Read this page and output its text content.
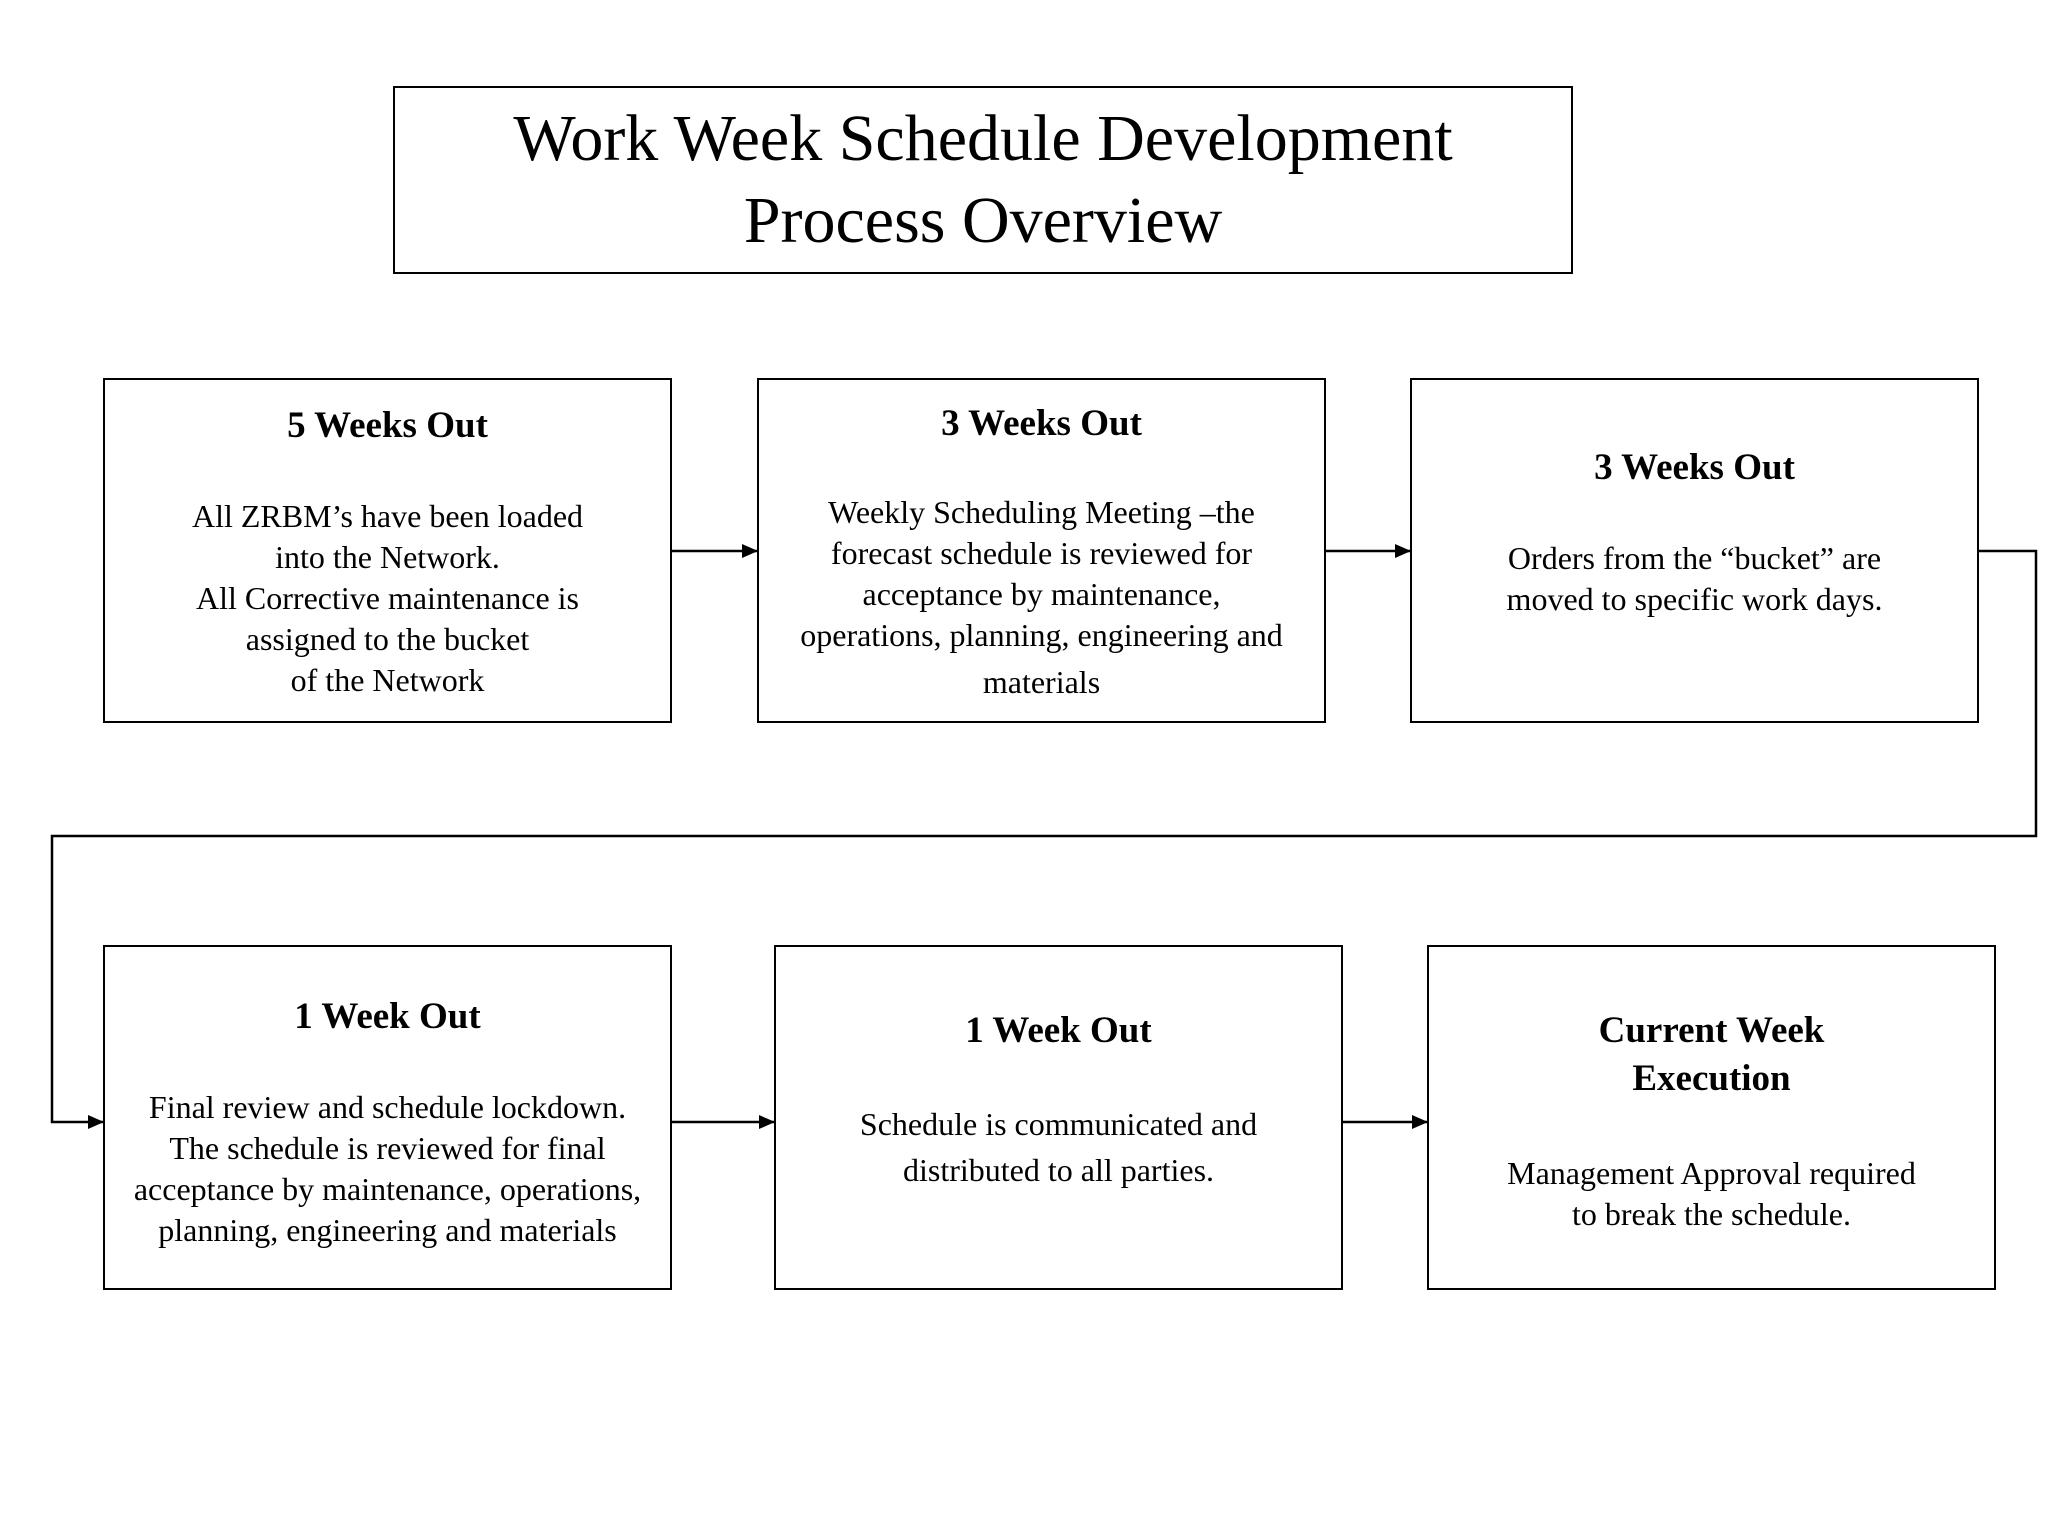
Work Week Schedule Development
Process Overview
5 Weeks Out

All ZRBM’s have been loaded
into the Network.
All Corrective maintenance is
assigned to the bucket
of the Network

3 Weeks Out

Weekly Scheduling Meeting –the
forecast schedule is reviewed for
acceptance by maintenance,
operations, planning, engineering and
materials

3 Weeks Out

Orders from the “bucket” are
moved to specific work days.

1 Week Out

Final review and schedule lockdown.
The schedule is reviewed for final
acceptance by maintenance, operations,
planning, engineering and materials

1 Week Out

Schedule is communicated and
distributed to all parties.

Current Week
Execution

Management Approval required
to break the schedule.
